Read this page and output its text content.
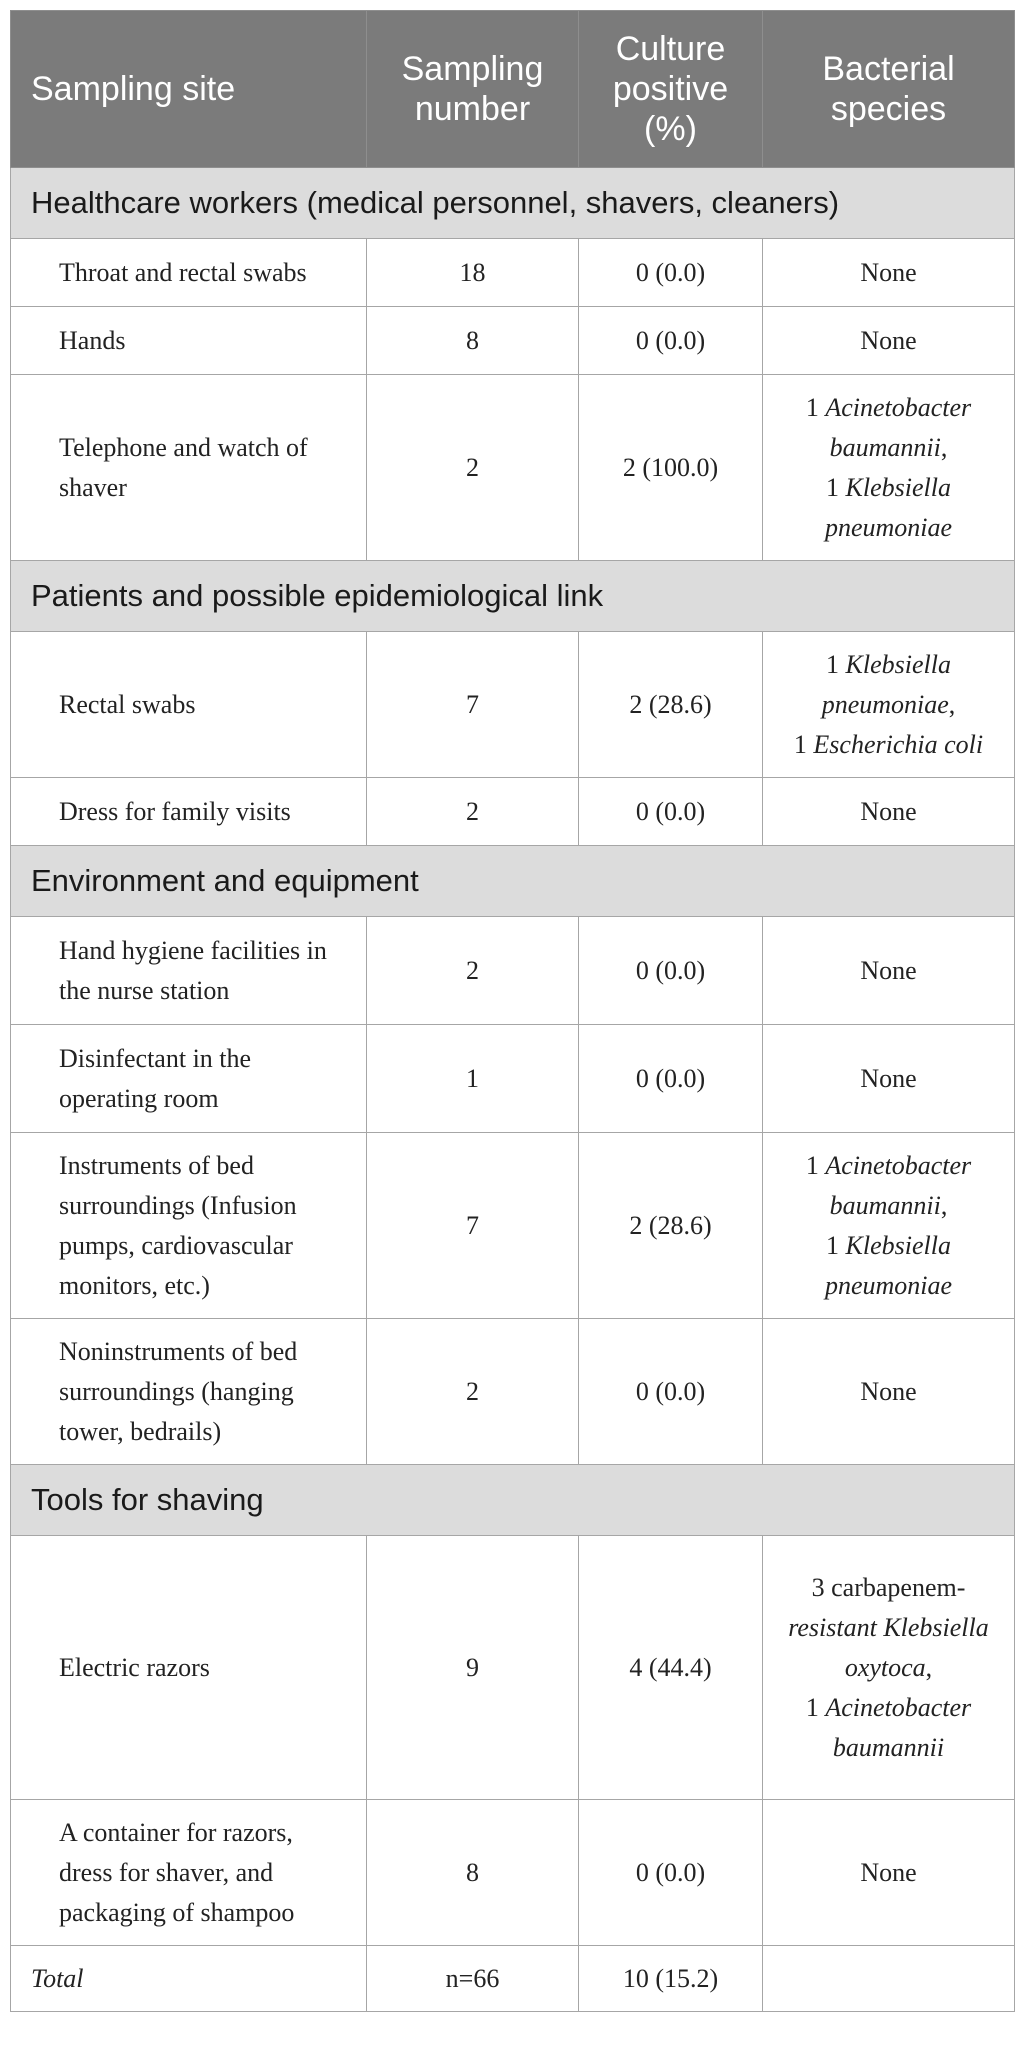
Sampling site	Sampling number	Culture positive (%)	Bacterial species

Healthcare workers (medical personnel, shavers, cleaners)			
Throat and rectal swabs	18	0 (0.0)	None
Hands	8	0 (0.0)	None
Telephone and watch of shaver	2	2 (100.0)	1 Acinetobacter baumannii,
1 Klebsiella pneumoniae

Patients and possible epidemiological link			
Rectal swabs	7	2 (28.6)	1 Klebsiella pneumoniae,
1 Escherichia coli

Dress for family visits	2	0 (0.0)	None
Environment and equipment			
Hand hygiene facilities in the nurse station	2	0 (0.0)	None
Disinfectant in the operating room	1	0 (0.0)	None
Instruments of bed surroundings (Infusion pumps, cardiovascular monitors, etc.)	7	2 (28.6)	1 Acinetobacter baumannii,
1 Klebsiella pneumoniae

Noninstruments of bed surroundings (hanging tower, bedrails)	2	0 (0.0)	None
Tools for shaving			
Electric razors	9	4 (44.4)	3 carbapenem-resistant Klebsiella oxytoca,
1 Acinetobacter baumannii

A container for razors, dress for shaver, and packaging of shampoo	8	0 (0.0)	None
Total	n=66	10 (15.2)	
